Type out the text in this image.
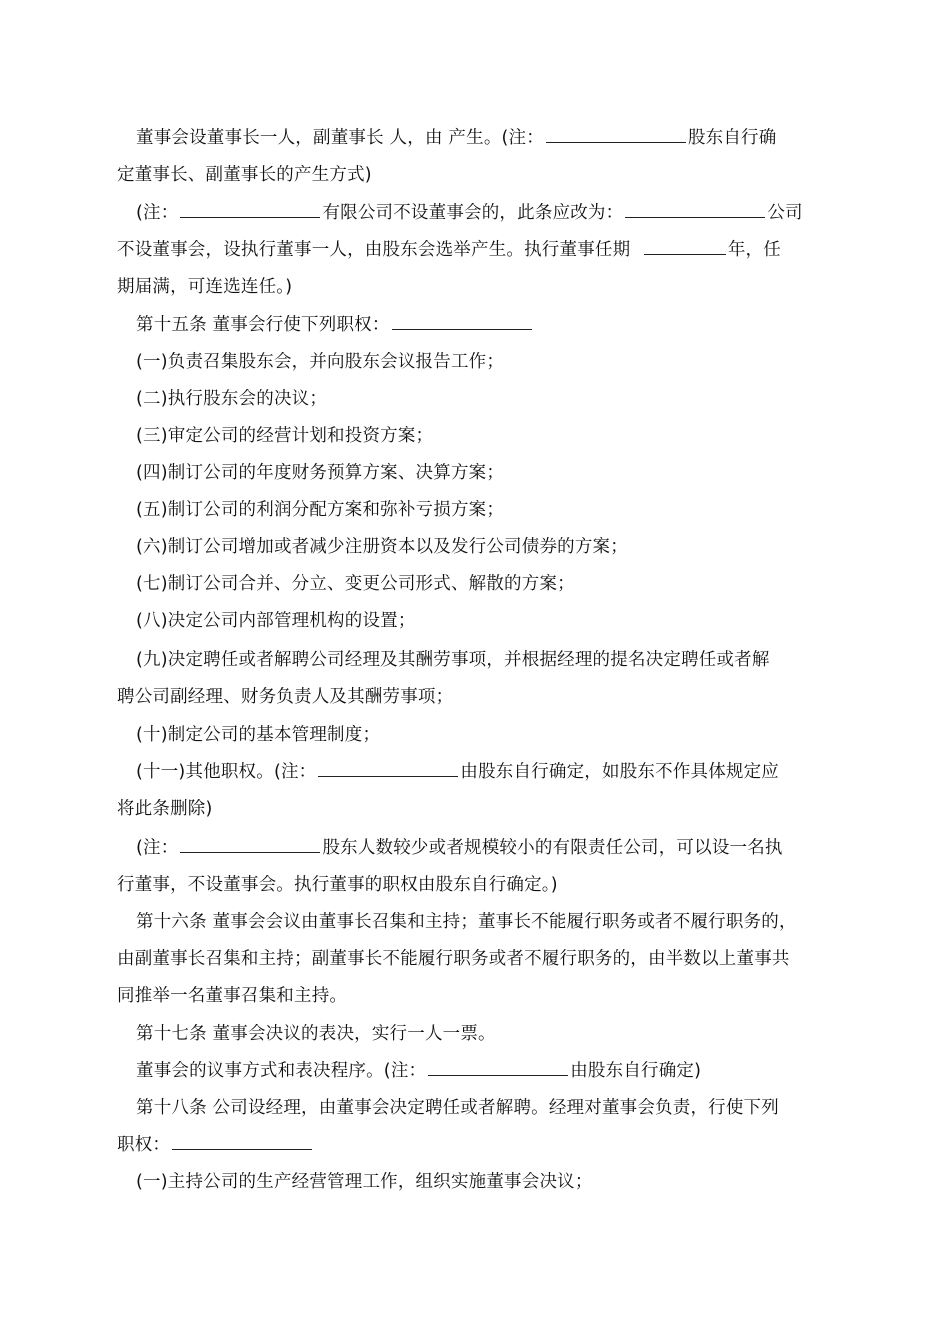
董事会设董事长一人，副董事长 人，由 产生。(注：	股东自行确
定董事长、副董事长的产生方式)
(注：	有限公司不设董事会的，此条应改为：	公司
不设董事会，设执行董事一人，由股东会选举产生。执行董事任期	年，任
期届满，可连选连任。)
第十五条 董事会行使下列职权：
(一)负责召集股东会，并向股东会议报告工作；
(二)执行股东会的决议；
(三)审定公司的经营计划和投资方案；
(四)制订公司的年度财务预算方案、决算方案；
(五)制订公司的利润分配方案和弥补亏损方案；
(六)制订公司增加或者减少注册资本以及发行公司债券的方案；
(七)制订公司合并、分立、变更公司形式、解散的方案；
(八)决定公司内部管理机构的设置；
(九)决定聘任或者解聘公司经理及其酬劳事项，并根据经理的提名决定聘任或者解
聘公司副经理、财务负责人及其酬劳事项；
(十)制定公司的基本管理制度；
(十一)其他职权。(注：	由股东自行确定，如股东不作具体规定应
将此条删除)
(注：	股东人数较少或者规模较小的有限责任公司，可以设一名执
行董事，不设董事会。执行董事的职权由股东自行确定。)
第十六条 董事会会议由董事长召集和主持；董事长不能履行职务或者不履行职务的，
由副董事长召集和主持；副董事长不能履行职务或者不履行职务的，由半数以上董事共
同推举一名董事召集和主持。
第十七条 董事会决议的表决，实行一人一票。
董事会的议事方式和表决程序。(注：	由股东自行确定)
第十八条 公司设经理，由董事会决定聘任或者解聘。经理对董事会负责，行使下列
职权：
(一)主持公司的生产经营管理工作，组织实施董事会决议；
